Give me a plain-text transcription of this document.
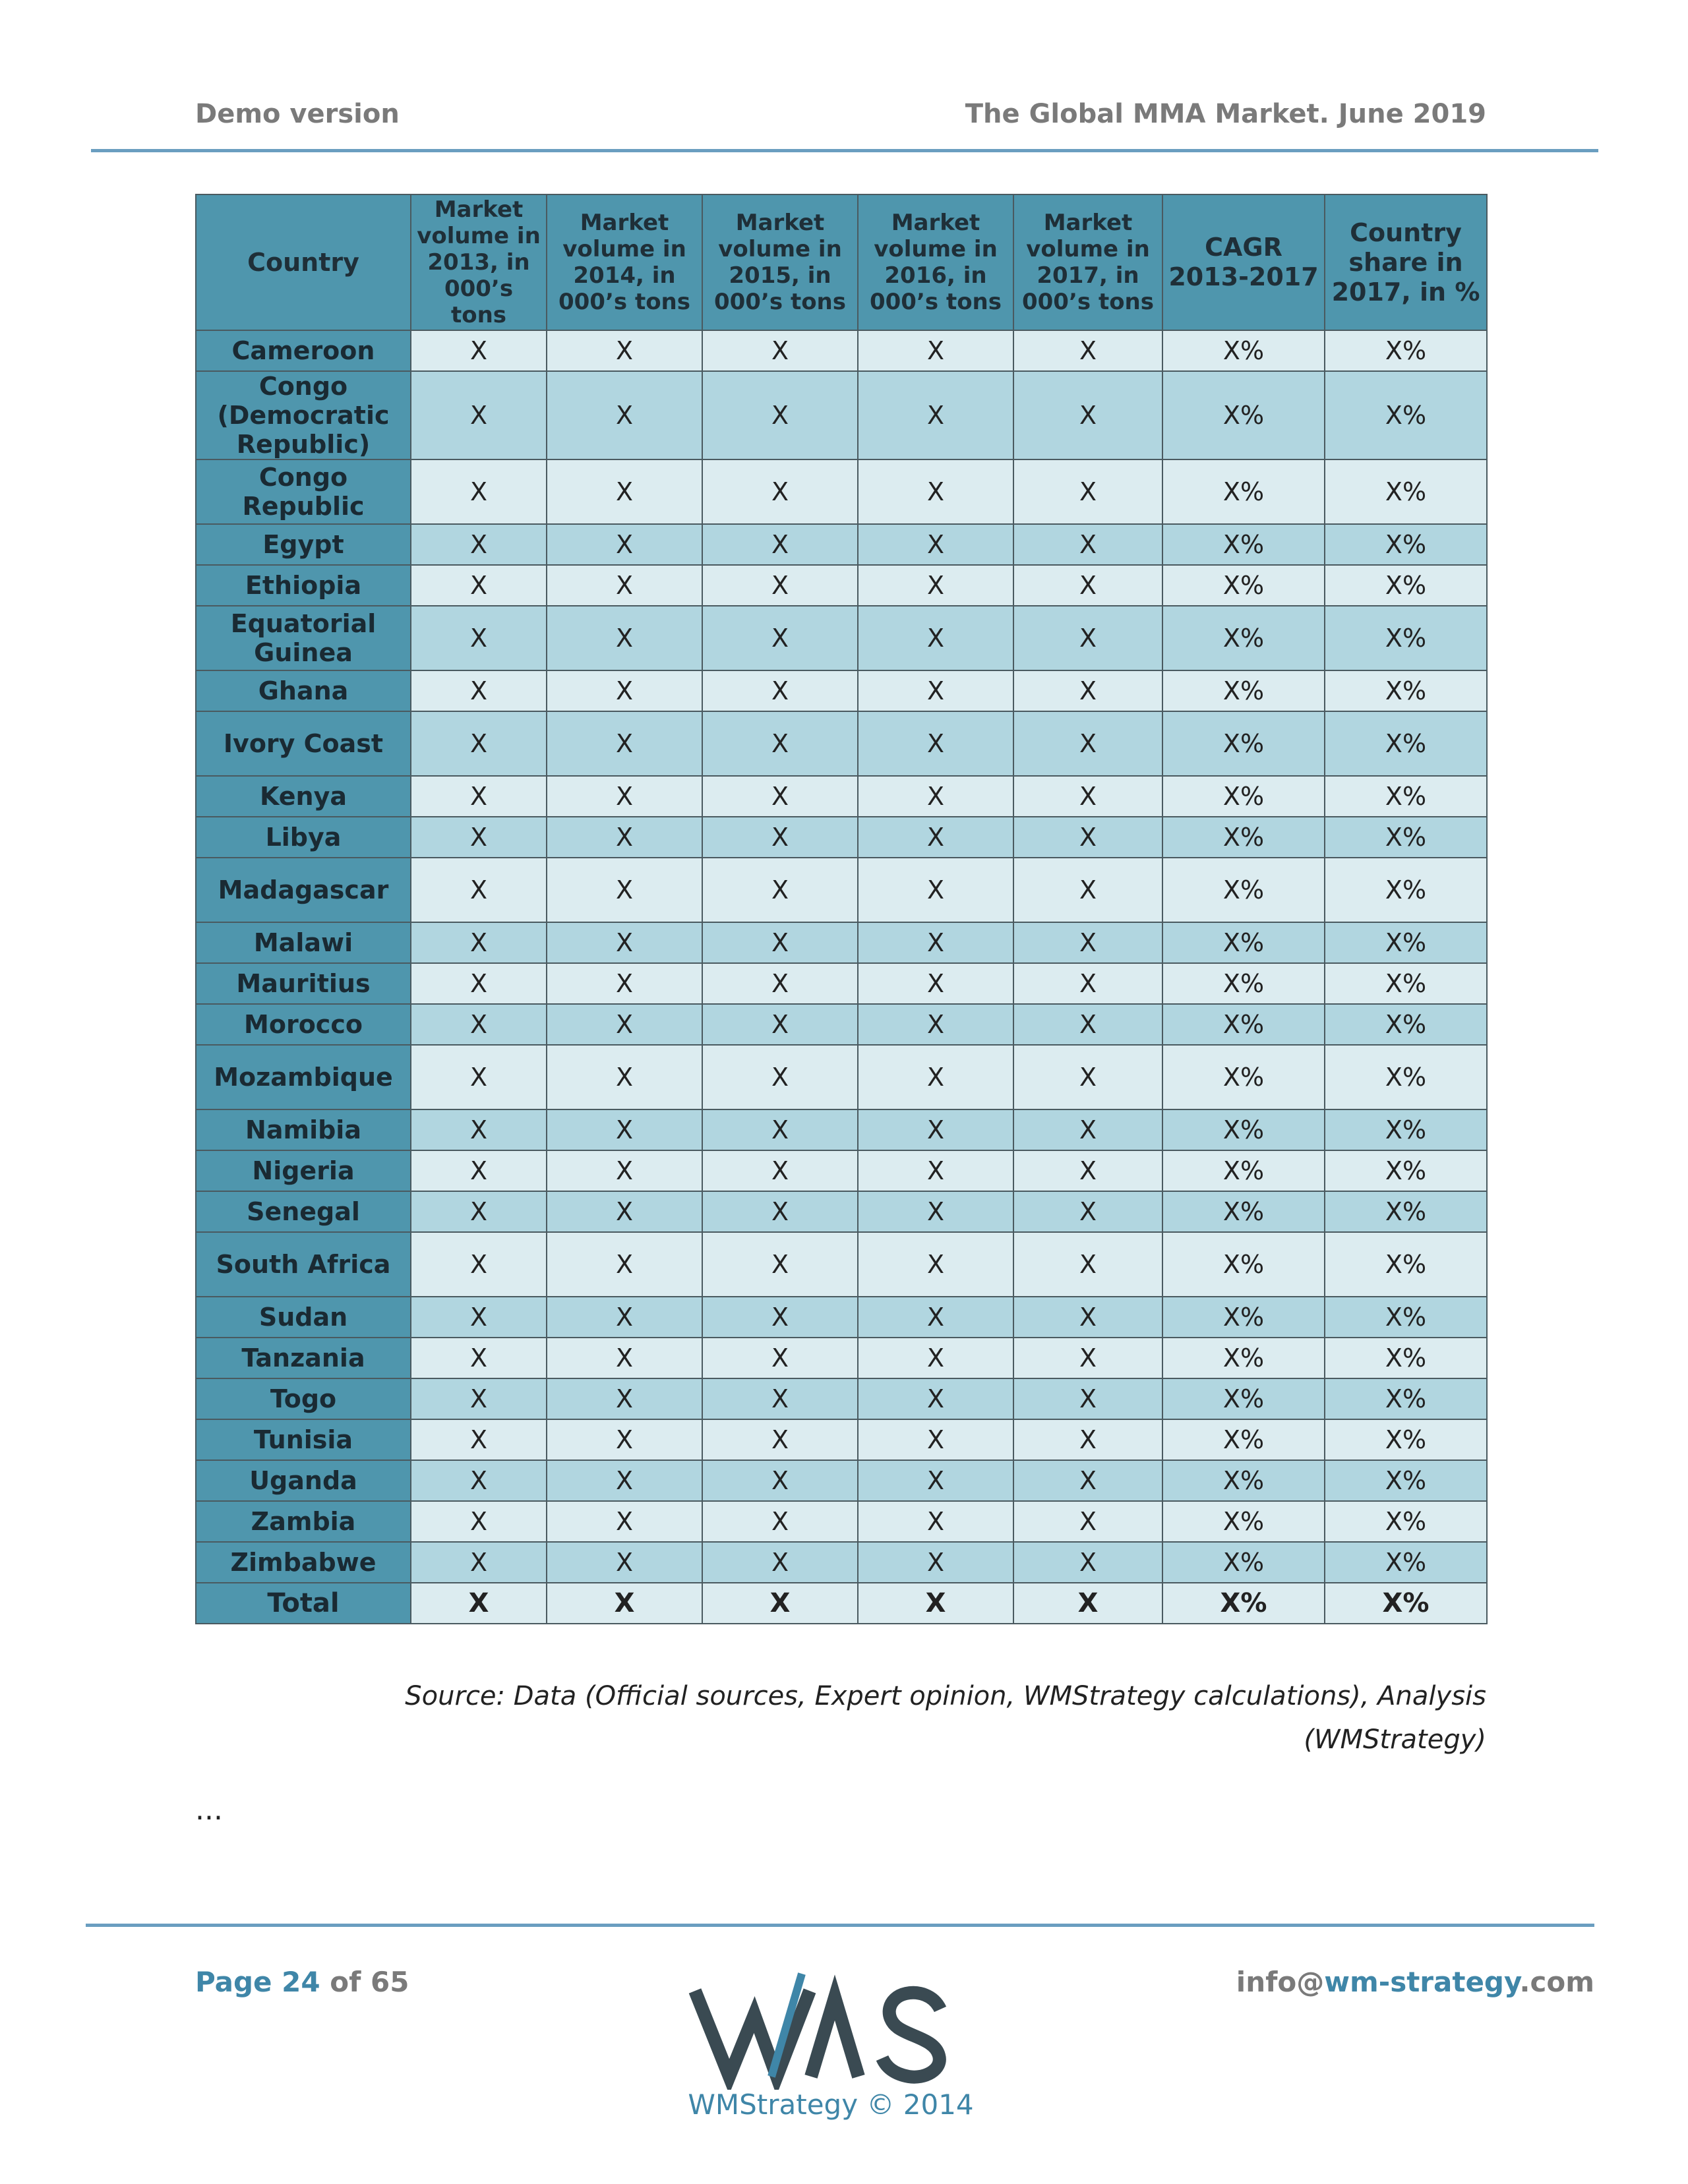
Demo version	The Global MMA Market. June 2019
Country	Market volume in 2013, in 000’s tons	Market volume in 2014, in 000’s tons	Market volume in 2015, in 000’s tons	Market volume in 2016, in 000’s tons	Market volume in 2017, in 000’s tons	CAGR 2013-2017	Country share in 2017, in %
Cameroon	X	X	X	X	X	X%	X%
Congo (Democratic Republic)	X	X	X	X	X	X%	X%
Congo Republic	X	X	X	X	X	X%	X%
Egypt	X	X	X	X	X	X%	X%
Ethiopia	X	X	X	X	X	X%	X%
Equatorial Guinea	X	X	X	X	X	X%	X%
Ghana	X	X	X	X	X	X%	X%
Ivory Coast	X	X	X	X	X	X%	X%
Kenya	X	X	X	X	X	X%	X%
Libya	X	X	X	X	X	X%	X%
Madagascar	X	X	X	X	X	X%	X%
Malawi	X	X	X	X	X	X%	X%
Mauritius	X	X	X	X	X	X%	X%
Morocco	X	X	X	X	X	X%	X%
Mozambique	X	X	X	X	X	X%	X%
Namibia	X	X	X	X	X	X%	X%
Nigeria	X	X	X	X	X	X%	X%
Senegal	X	X	X	X	X	X%	X%
South Africa	X	X	X	X	X	X%	X%
Sudan	X	X	X	X	X	X%	X%
Tanzania	X	X	X	X	X	X%	X%
Togo	X	X	X	X	X	X%	X%
Tunisia	X	X	X	X	X	X%	X%
Uganda	X	X	X	X	X	X%	X%
Zambia	X	X	X	X	X	X%	X%
Zimbabwe	X	X	X	X	X	X%	X%
Total	X	X	X	X	X	X%	X%
Source: Data (Official sources, Expert opinion, WMStrategy calculations), Analysis (WMStrategy)
...
Page 24 of 65	info@wm-strategy.com
WMStrategy © 2014
